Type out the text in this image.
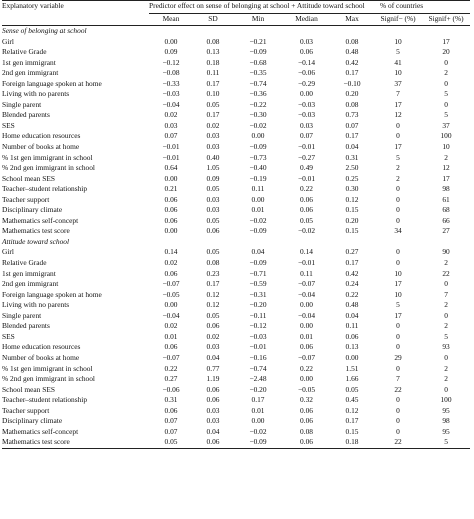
Explanatory variable	Predictor effect on sense of belonging at school + Attitude toward school					% of countries	
	Mean	SD	Min	Median	Max	Signif− (%)	Signif+ (%)
Sense of belonging at school							
Girl	0.00	0.08	−0.21	0.03	0.08	10	17
Relative Grade	0.09	0.13	−0.09	0.06	0.48	5	20
1st gen immigrant	−0.12	0.18	−0.68	−0.14	0.42	41	0
2nd gen immigrant	−0.08	0.11	−0.35	−0.06	0.17	10	2
Foreign language spoken at home	−0.33	0.17	−0.74	−0.29	−0.10	37	0
Living with no parents	−0.03	0.10	−0.36	0.00	0.20	7	5
Single parent	−0.04	0.05	−0.22	−0.03	0.08	17	0
Blended parents	0.02	0.17	−0.30	−0.03	0.73	12	5
SES	0.03	0.02	−0.02	0.03	0.07	0	37
Home education resources	0.07	0.03	0.00	0.07	0.17	0	100
Number of books at home	−0.01	0.03	−0.09	−0.01	0.04	17	10
% 1st gen immigrant in school	−0.01	0.40	−0.73	−0.27	0.31	5	2
% 2nd gen immigrant in school	0.64	1.05	−0.40	0.49	2.50	2	12
School mean SES	0.00	0.09	−0.19	−0.01	0.25	2	17
Teacher–student relationship	0.21	0.05	0.11	0.22	0.30	0	98
Teacher support	0.06	0.03	0.00	0.06	0.12	0	61
Disciplinary climate	0.06	0.03	0.01	0.06	0.15	0	68
Mathematics self-concept	0.06	0.05	−0.02	0.05	0.20	0	66
Mathematics test score	0.00	0.06	−0.09	−0.02	0.15	34	27
Attitude toward school							
Girl	0.14	0.05	0.04	0.14	0.27	0	90
Relative Grade	0.02	0.08	−0.09	−0.01	0.17	0	2
1st gen immigrant	0.06	0.23	−0.71	0.11	0.42	10	22
2nd gen immigrant	−0.07	0.17	−0.59	−0.07	0.24	17	0
Foreign language spoken at home	−0.05	0.12	−0.31	−0.04	0.22	10	7
Living with no parents	0.00	0.12	−0.20	0.00	0.48	5	2
Single parent	−0.04	0.05	−0.11	−0.04	0.04	17	0
Blended parents	0.02	0.06	−0.12	0.00	0.11	0	2
SES	0.01	0.02	−0.03	0.01	0.06	0	5
Home education resources	0.06	0.03	−0.01	0.06	0.13	0	93
Number of books at home	−0.07	0.04	−0.16	−0.07	0.00	29	0
% 1st gen immigrant in school	0.22	0.77	−0.74	0.22	1.51	0	2
% 2nd gen immigrant in school	0.27	1.19	−2.48	0.00	1.66	7	2
School mean SES	−0.06	0.06	−0.20	−0.05	0.05	22	0
Teacher–student relationship	0.31	0.06	0.17	0.32	0.45	0	100
Teacher support	0.06	0.03	0.01	0.06	0.12	0	95
Disciplinary climate	0.07	0.03	0.00	0.06	0.17	0	98
Mathematics self-concept	0.07	0.04	−0.02	0.08	0.15	0	95
Mathematics test score	0.05	0.06	−0.09	0.06	0.18	22	5
